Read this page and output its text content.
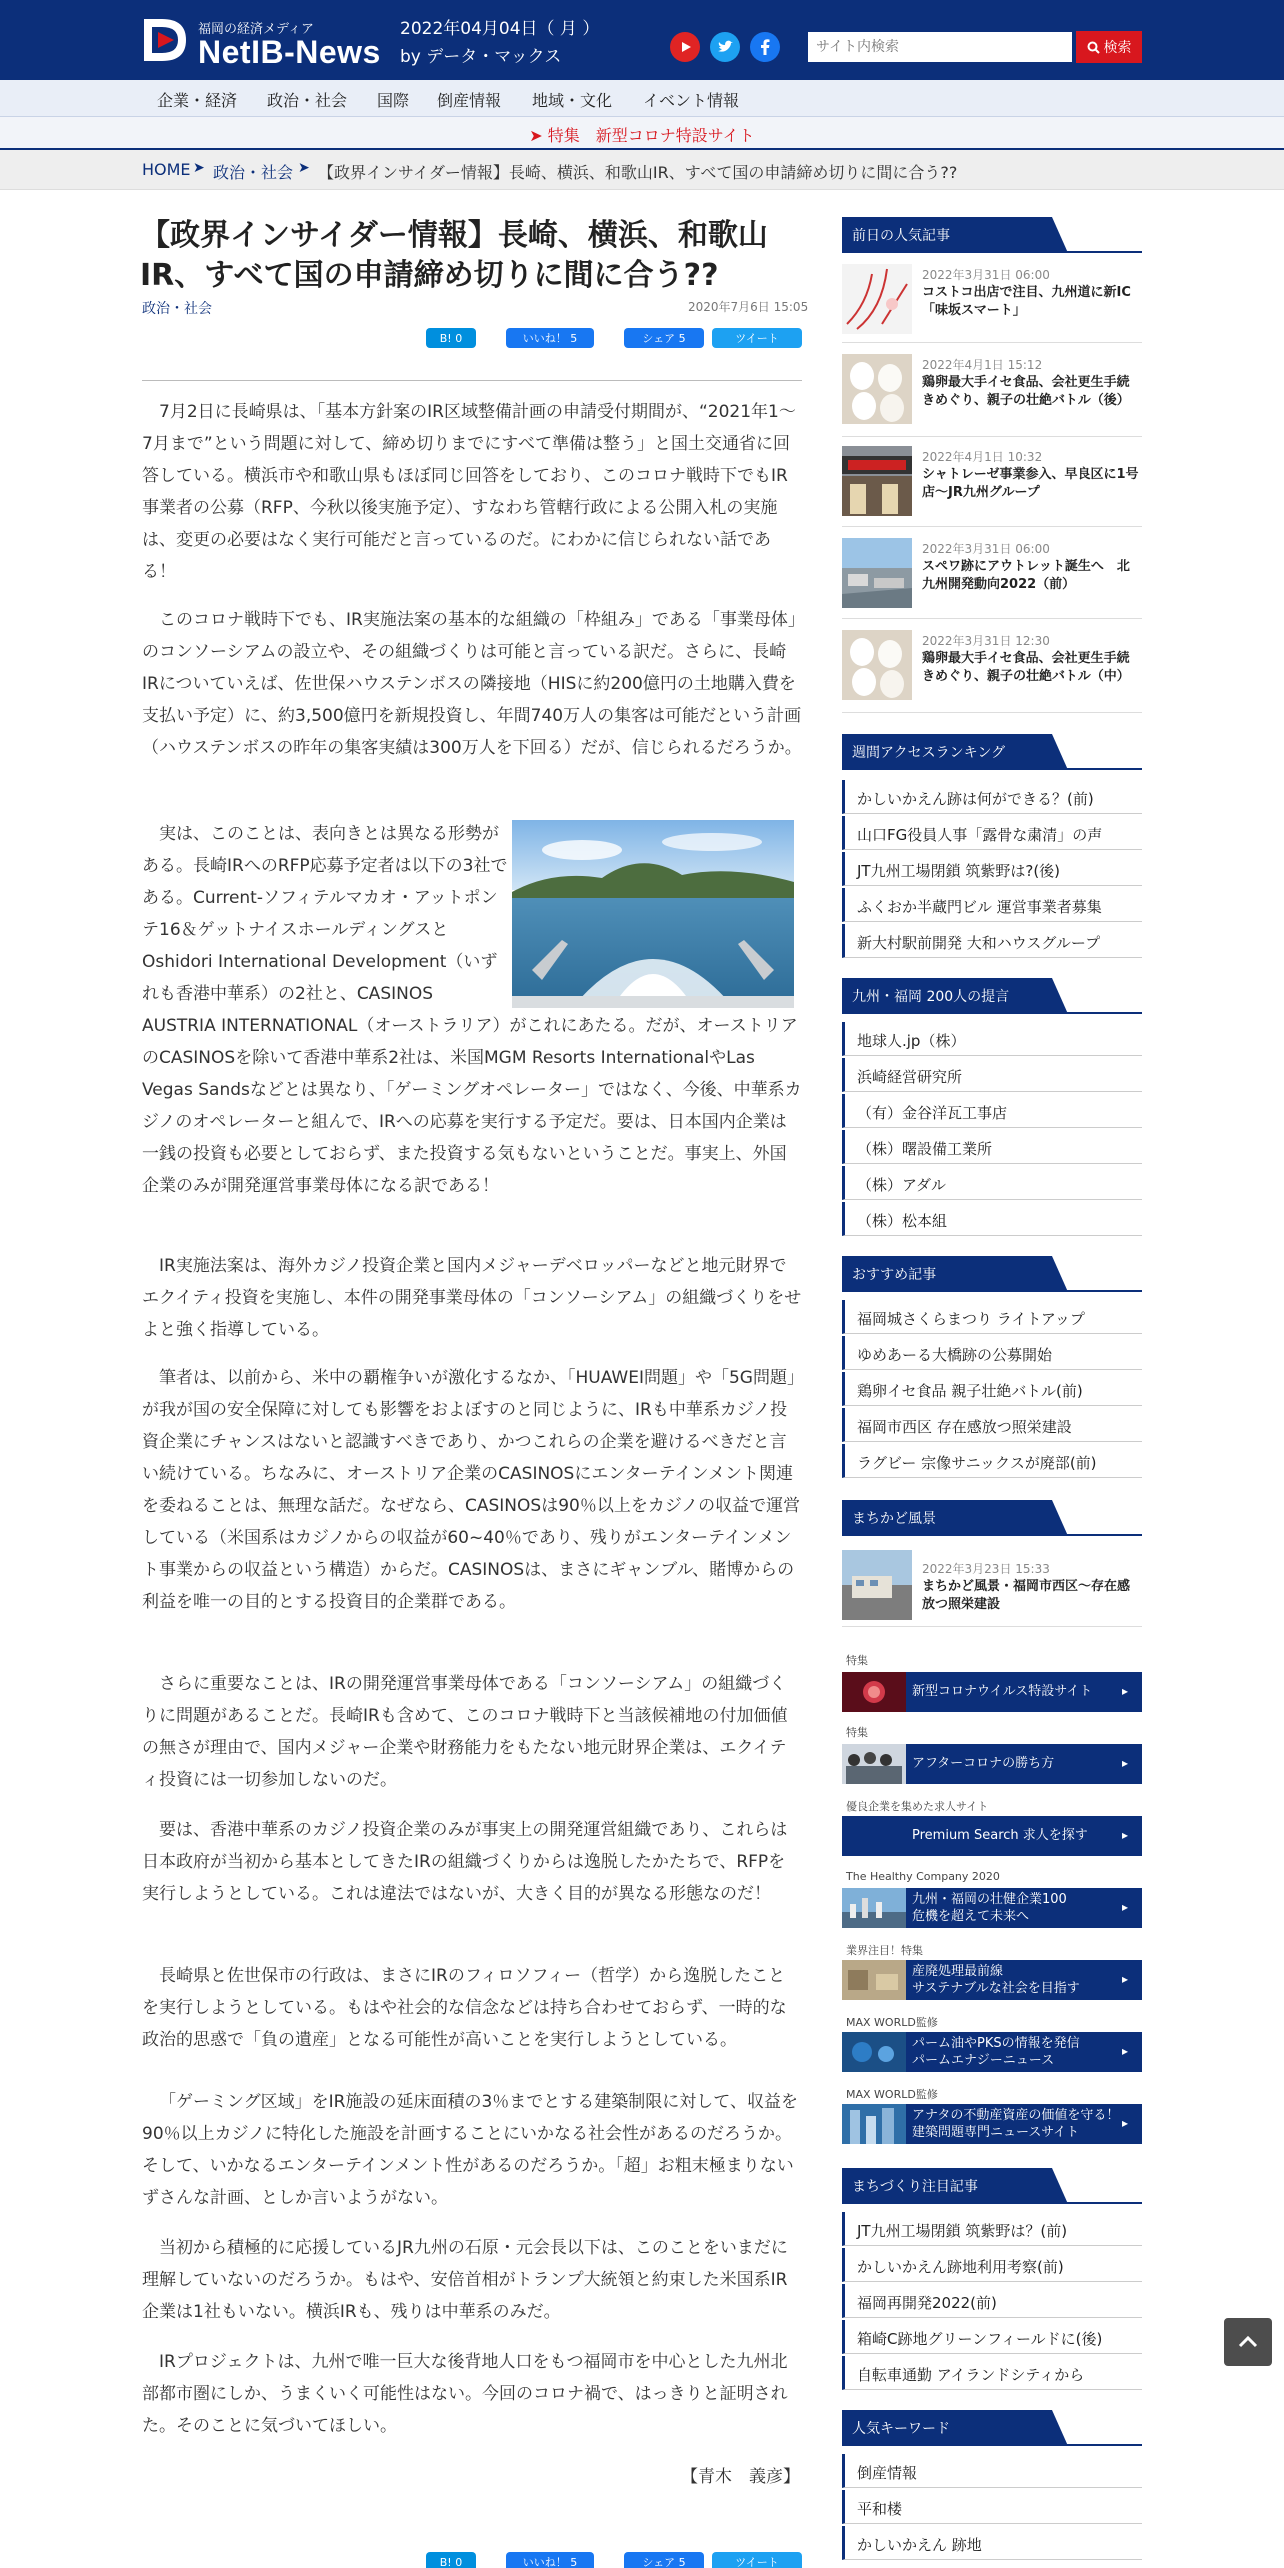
福岡の経済メディア
NetIB-News
2022年04月04日（ 月 ）
by データ・マックス
サイト内検索	検索
企業・経済 政治・社会 国際 倒産情報 地域・文化 イベント情報
➤ 特集　新型コロナ特設サイト
HOME ➤ 政治・社会 ➤ 【政界インサイダー情報】長崎、横浜、和歌山IR、すべて国の申請締め切りに間に合う??
【政界インサイダー情報】長崎、横浜、和歌山IR、すべて国の申請締め切りに間に合う??
政治・社会	2020年7月6日 15:05
B! 0	いいね！ 5	シェア 5	ツイート

7月2日に長崎県は、「基本方針案のIR区域整備計画の申請受付期間が、“2021年1～7月まで”という問題に対して、締め切りまでにすべて準備は整う」と国土交通省に回答している。横浜市や和歌山県もほぼ同じ回答をしており、このコロナ戦時下でもIR事業者の公募（RFP、今秋以後実施予定）、すなわち管轄行政による公開入札の実施は、変更の必要はなく実行可能だと言っているのだ。にわかに信じられない話である！

このコロナ戦時下でも、IR実施法案の基本的な組織の「枠組み」である「事業母体」のコンソーシアムの設立や、その組織づくりは可能と言っている訳だ。さらに、長崎IRについていえば、佐世保ハウステンボスの隣接地（HISに約200億円の土地購入費を支払い予定）に、約3,500億円を新規投資し、年間740万人の集客は可能だという計画（ハウステンボスの昨年の集客実績は300万人を下回る）だが、信じられるだろうか。

実は、このことは、表向きとは異なる形勢がある。長崎IRへのRFP応募予定者は以下の3社である。Current-ソフィテルマカオ・アットポンテ16＆ゲットナイスホールディングスとOshidori International Development（いずれも香港中華系）の2社と、CASINOS AUSTRIA INTERNATIONAL（オーストラリア）がこれにあたる。だが、オーストリアのCASINOSを除いて香港中華系2社は、米国MGM Resorts InternationalやLas Vegas Sandsなどとは異なり、「ゲーミングオペレーター」ではなく、今後、中華系カジノのオペレーターと組んで、IRへの応募を実行する予定だ。要は、日本国内企業は一銭の投資も必要としておらず、また投資する気もないということだ。事実上、外国企業のみが開発運営事業母体になる訳である！

IR実施法案は、海外カジノ投資企業と国内メジャーデベロッパーなどと地元財界でエクイティ投資を実施し、本件の開発事業母体の「コンソーシアム」の組織づくりをせよと強く指導している。

筆者は、以前から、米中の覇権争いが激化するなか、「HUAWEI問題」や「5G問題」が我が国の安全保障に対しても影響をおよぼすのと同じように、IRも中華系カジノ投資企業にチャンスはないと認識すべきであり、かつこれらの企業を避けるべきだと言い続けている。ちなみに、オーストリア企業のCASINOSにエンターテインメント関連を委ねることは、無理な話だ。なぜなら、CASINOSは90％以上をカジノの収益で運営している（米国系はカジノからの収益が60~40％であり、残りがエンターテインメント事業からの収益という構造）からだ。CASINOSは、まさにギャンブル、賭博からの利益を唯一の目的とする投資目的企業群である。

さらに重要なことは、IRの開発運営事業母体である「コンソーシアム」の組織づくりに問題があることだ。長崎IRも含めて、このコロナ戦時下と当該候補地の付加価値の無さが理由で、国内メジャー企業や財務能力をもたない地元財界企業は、エクイティ投資には一切参加しないのだ。

要は、香港中華系のカジノ投資企業のみが事実上の開発運営組織であり、これらは日本政府が当初から基本としてきたIRの組織づくりからは逸脱したかたちで、RFPを実行しようとしている。これは違法ではないが、大きく目的が異なる形態なのだ！

長崎県と佐世保市の行政は、まさにIRのフィロソフィー（哲学）から逸脱したことを実行しようとしている。もはや社会的な信念などは持ち合わせておらず、一時的な政治的思惑で「負の遺産」となる可能性が高いことを実行しようとしている。

「ゲーミング区域」をIR施設の延床面積の3％までとする建築制限に対して、収益を90％以上カジノに特化した施設を計画することにいかなる社会性があるのだろうか。そして、いかなるエンターテインメント性があるのだろうか。「超」お粗末極まりないずさんな計画、としか言いようがない。

当初から積極的に応援しているJR九州の石原・元会長以下は、このことをいまだに理解していないのだろうか。もはや、安倍首相がトランプ大統領と約束した米国系IR企業は1社もいない。横浜IRも、残りは中華系のみだ。

IRプロジェクトは、九州で唯一巨大な後背地人口をもつ福岡市を中心とした九州北部都市圏にしか、うまくいく可能性はない。今回のコロナ禍で、はっきりと証明された。そのことに気づいてほしい。

【青木　義彦】
B! 0	いいね！ 5	シェア 5	ツイート
前日の人気記事
2022年3月31日 06:00
コストコ出店で注目、九州道に新IC「味坂スマート」
2022年4月1日 15:12
鶏卵最大手イセ食品、会社更生手続きめぐり、親子の壮絶バトル（後）
2022年4月1日 10:32
シャトレーゼ事業参入、早良区に1号店～JR九州グループ
2022年3月31日 06:00
スペワ跡にアウトレット誕生へ　北九州開発動向2022（前）
2022年3月31日 12:30
鶏卵最大手イセ食品、会社更生手続きめぐり、親子の壮絶バトル（中）
週間アクセスランキング
かしいかえん跡は何ができる？(前)
山口FG役員人事「露骨な粛清」の声
JT九州工場閉鎖 筑紫野は?(後)
ふくおか半蔵門ビル 運営事業者募集
新大村駅前開発 大和ハウスグループ
九州・福岡 200人の提言
地球人.jp（株）
浜崎経営研究所
（有）金谷洋瓦工事店
（株）曙設備工業所
（株）アダル
（株）松本組
おすすめ記事
福岡城さくらまつり ライトアップ
ゆめあーる大橋跡の公募開始
鶏卵イセ食品 親子壮絶バトル(前)
福岡市西区 存在感放つ照栄建設
ラグビー 宗像サニックスが廃部(前)
まちかど風景
2022年3月23日 15:33
まちかど風景・福岡市西区～存在感放つ照栄建設
特集
新型コロナウイルス特設サイト ▸
特集
アフターコロナの勝ち方	▸
優良企業を集めた求人サイト
Premium Search 求人を探す	▸
The Healthy Company 2020
九州・福岡の壮健企業100
危機を超えて未来へ
▸
業界注目！特集
産廃処理最前線
サステナブルな社会を目指す
▸
MAX WORLD監修
パーム油やPKSの情報を発信
パームエナジーニュース
▸
MAX WORLD監修
アナタの不動産資産の価値を守る！
建築問題専門ニュースサイト
▸
まちづくり注目記事
JT九州工場閉鎖 筑紫野は？(前)
かしいかえん跡地利用考察(前)
福岡再開発2022(前)
箱崎C跡地グリーンフィールドに(後)
自転車通勤 アイランドシティから
人気キーワード
倒産情報
平和楼
かしいかえん 跡地
